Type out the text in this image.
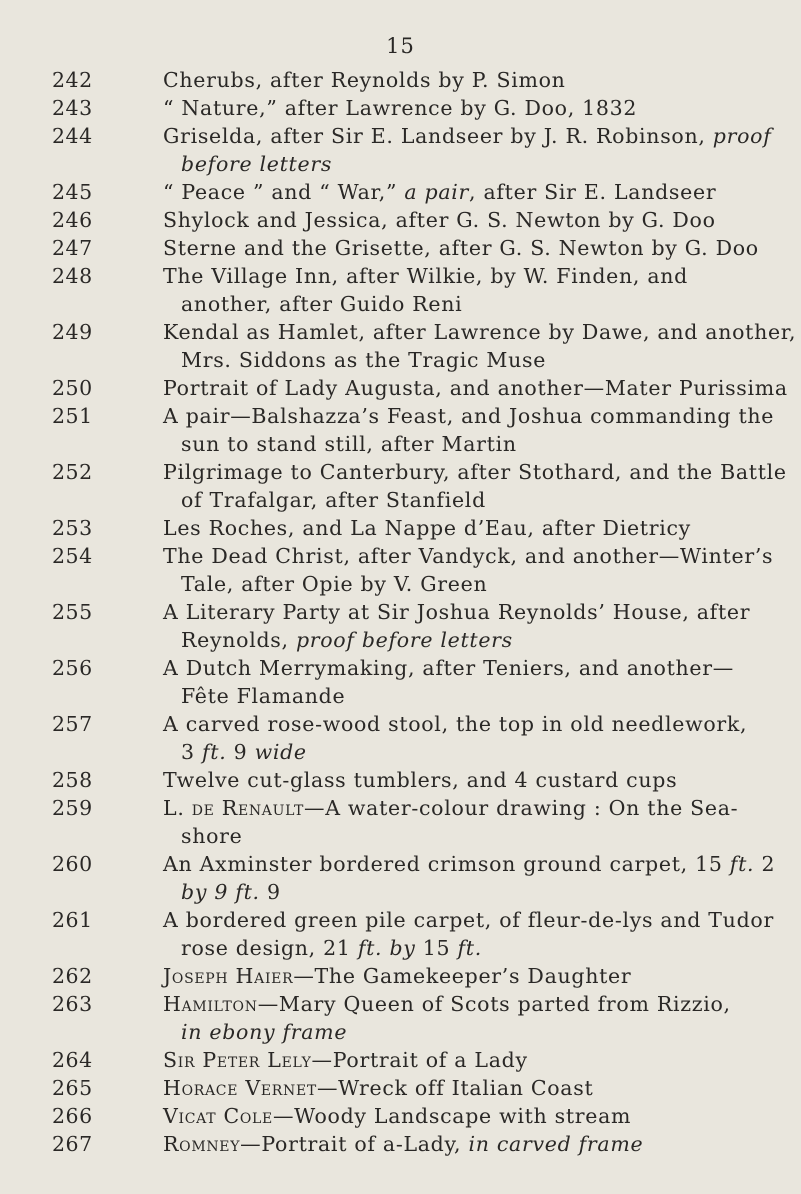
15
242	Cherubs, after Reynolds by P. Simon
243	“ Nature,” after Lawrence by G. Doo, 1832
244	Griselda, after Sir E. Landseer by J. R. Robinson, proof
before letters
245	“ Peace ” and “ War,” a pair, after Sir E. Landseer
246	Shylock and Jessica, after G. S. Newton by G. Doo
247	Sterne and the Grisette, after G. S. Newton by G. Doo
248	The Village Inn, after Wilkie, by W. Finden, and
another, after Guido Reni
249	Kendal as Hamlet, after Lawrence by Dawe, and another,
Mrs. Siddons as the Tragic Muse
250	Portrait of Lady Augusta, and another—Mater Purissima
251	A pair—Balshazza’s Feast, and Joshua commanding the
sun to stand still, after Martin
252	Pilgrimage to Canterbury, after Stothard, and the Battle
of Trafalgar, after Stanfield
253	Les Roches, and La Nappe d’Eau, after Dietricy
254	The Dead Christ, after Vandyck, and another—Winter’s
Tale, after Opie by V. Green
255	A Literary Party at Sir Joshua Reynolds’ House, after
Reynolds, proof before letters
256	A Dutch Merrymaking, after Teniers, and another—
Fête Flamande
257	A carved rose-wood stool, the top in old needlework,
3 ft. 9 wide
258	Twelve cut-glass tumblers, and 4 custard cups
259	L. de Renault—A water-colour drawing : On the Sea-
shore
260	An Axminster bordered crimson ground carpet, 15 ft. 2
by 9 ft. 9
261	A bordered green pile carpet, of fleur-de-lys and Tudor
rose design, 21 ft. by 15 ft.
262	Joseph Haier—The Gamekeeper’s Daughter
263	Hamilton—Mary Queen of Scots parted from Rizzio,
in ebony frame
264	Sir Peter Lely—Portrait of a Lady
265	Horace Vernet—Wreck off Italian Coast
266	Vicat Cole—Woody Landscape with stream
267	Romney—Portrait of a-Lady, in carved frame
